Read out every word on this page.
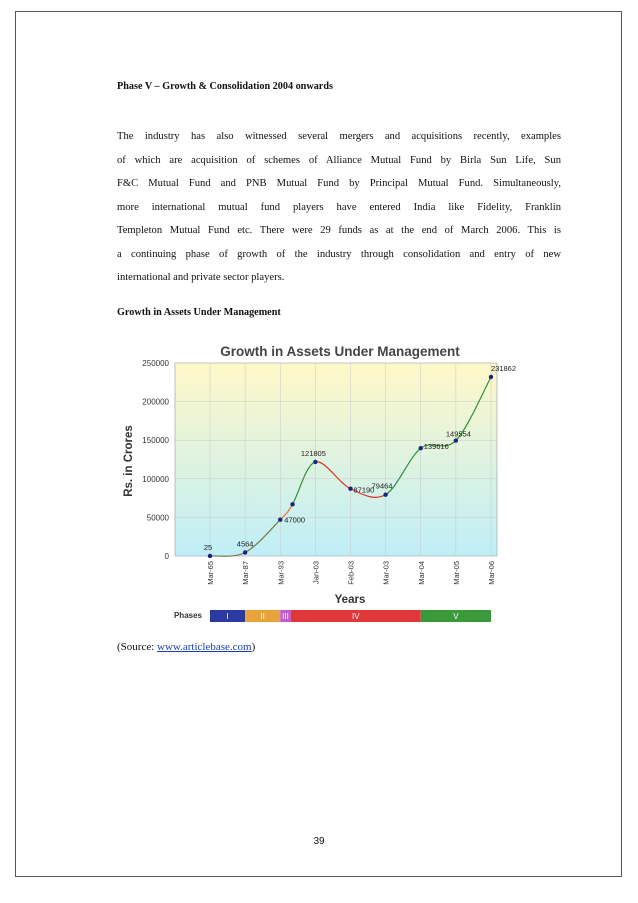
Phase V – Growth & Consolidation 2004 onwards
The industry has also witnessed several mergers and acquisitions recently, examples
of which are acquisition of schemes of Alliance Mutual Fund by Birla Sun Life, Sun
F&C Mutual Fund and PNB Mutual Fund by Principal Mutual Fund. Simultaneously,
more international mutual fund players have entered India like Fidelity, Franklin
Templeton Mutual Fund etc. There were 29 funds as at the end of March 2006. This is
a continuing phase of growth of the industry through consolidation and entry of new
international and private sector players.
Growth in Assets Under Management
Growth in Assets Under Management
0
50000
100000
150000
200000
250000
Mar-65	Mar-87	Mar-93	Jan-03	Feb-03	Mar-03	Mar-04	Mar-05	Mar-06
Rs. in Crores
Years
25	4564
47000
121805
87190
79464
139616
149554
231862
Phases	I	II III	IV	V
(Source: www.articlebase.com)
39
